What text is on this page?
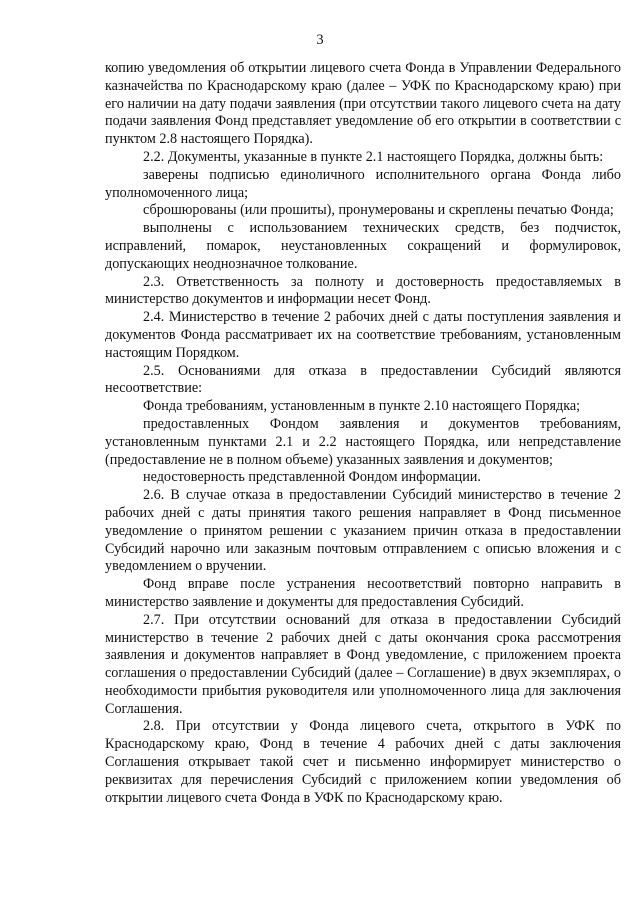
3

копию уведомления об открытии лицевого счета Фонда в Управлении Федерального казначейства по Краснодарскому краю (далее – УФК по Краснодарскому краю) при его наличии на дату подачи заявления (при отсутствии такого лицевого счета на дату подачи заявления Фонд представляет уведомление об его открытии в соответствии с пунктом 2.8 настоящего Порядка).

2.2. Документы, указанные в пункте 2.1 настоящего Порядка, должны быть:

заверены подписью единоличного исполнительного органа Фонда либо уполномоченного лица;

сброшюрованы (или прошиты), пронумерованы и скреплены печатью Фонда;

выполнены с использованием технических средств, без подчисток, исправлений, помарок, неустановленных сокращений и формулировок, допускающих неоднозначное толкование.

2.3. Ответственность за полноту и достоверность предоставляемых в министерство документов и информации несет Фонд.

2.4. Министерство в течение 2 рабочих дней с даты поступления заявления и документов Фонда рассматривает их на соответствие требованиям, установленным настоящим Порядком.

2.5. Основаниями для отказа в предоставлении Субсидий являются несоответствие:

Фонда требованиям, установленным в пункте 2.10 настоящего Порядка;

предоставленных Фондом заявления и документов требованиям, установленным пунктами 2.1 и 2.2 настоящего Порядка, или непредставление (предоставление не в полном объеме) указанных заявления и документов;

недостоверность представленной Фондом информации.

2.6. В случае отказа в предоставлении Субсидий министерство в течение 2 рабочих дней с даты принятия такого решения направляет в Фонд письменное уведомление о принятом решении с указанием причин отказа в предоставлении Субсидий нарочно или заказным почтовым отправлением с описью вложения и с уведомлением о вручении.

Фонд вправе после устранения несоответствий повторно направить в министерство заявление и документы для предоставления Субсидий.

2.7. При отсутствии оснований для отказа в предоставлении Субсидий министерство в течение 2 рабочих дней с даты окончания срока рассмотрения заявления и документов направляет в Фонд уведомление, с приложением проекта соглашения о предоставлении Субсидий (далее – Соглашение) в двух экземплярах, о необходимости прибытия руководителя или уполномоченного лица для заключения Соглашения.

2.8. При отсутствии у Фонда лицевого счета, открытого в УФК по Краснодарскому краю, Фонд в течение 4 рабочих дней с даты заключения Соглашения открывает такой счет и письменно информирует министерство о реквизитах для перечисления Субсидий с приложением копии уведомления об открытии лицевого счета Фонда в УФК по Краснодарскому краю.
